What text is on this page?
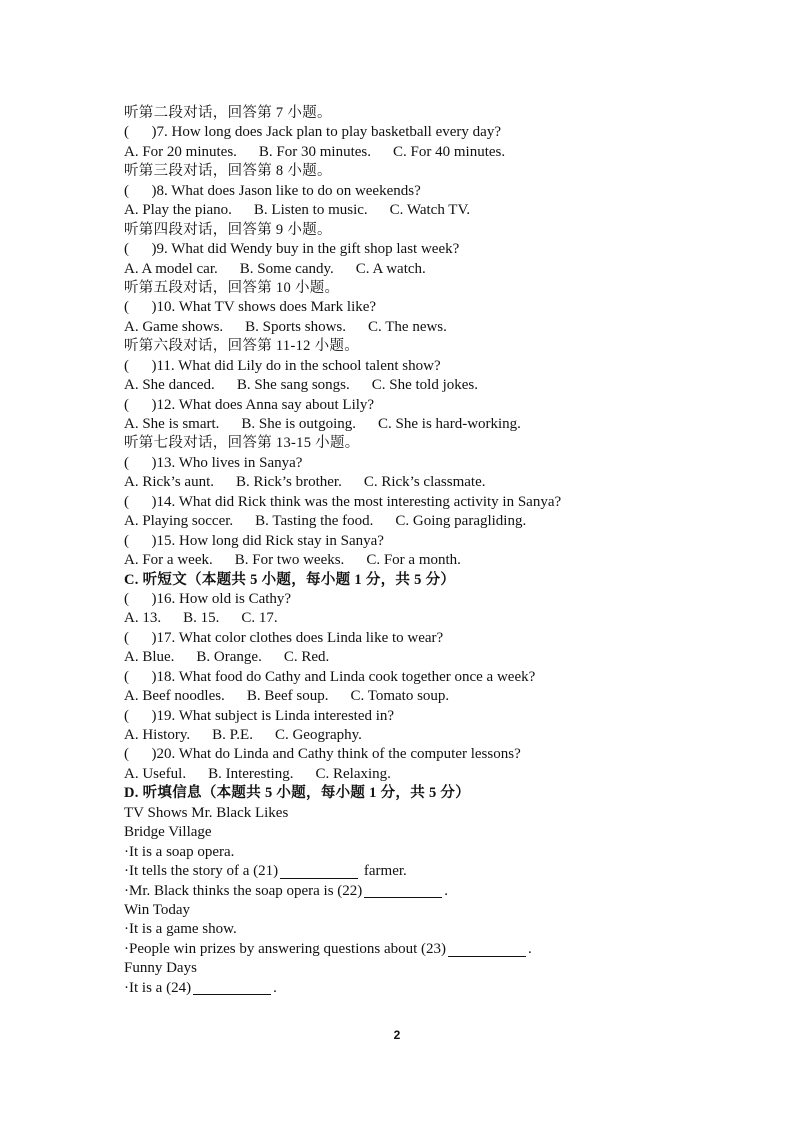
听第二段对话，回答第 7 小题。
(      )7. How long does Jack plan to play basketball every day?
A. For 20 minutes. B. For 30 minutes. C. For 40 minutes.
听第三段对话，回答第 8 小题。
(      )8. What does Jason like to do on weekends?
A. Play the piano. B. Listen to music. C. Watch TV.
听第四段对话，回答第 9 小题。
(      )9. What did Wendy buy in the gift shop last week?
A. A model car. B. Some candy. C. A watch.
听第五段对话，回答第 10 小题。
(      )10. What TV shows does Mark like?
A. Game shows. B. Sports shows. C. The news.
听第六段对话，回答第 11-12 小题。
(      )11. What did Lily do in the school talent show?
A. She danced. B. She sang songs. C. She told jokes.
(      )12. What does Anna say about Lily?
A. She is smart. B. She is outgoing. C. She is hard-working.
听第七段对话，回答第 13-15 小题。
(      )13. Who lives in Sanya?
A. Rick’s aunt. B. Rick’s brother. C. Rick’s classmate.
(      )14. What did Rick think was the most interesting activity in Sanya?
A. Playing soccer. B. Tasting the food. C. Going paragliding.
(      )15. How long did Rick stay in Sanya?
A. For a week. B. For two weeks. C. For a month.
C. 听短文（本题共 5 小题，每小题 1 分，共 5 分）
(      )16. How old is Cathy?
A. 13. B. 15. C. 17.
(      )17. What color clothes does Linda like to wear?
A. Blue. B. Orange. C. Red.
(      )18. What food do Cathy and Linda cook together once a week?
A. Beef noodles. B. Beef soup. C. Tomato soup.
(      )19. What subject is Linda interested in?
A. History. B. P.E. C. Geography.
(      )20. What do Linda and Cathy think of the computer lessons?
A. Useful. B. Interesting. C. Relaxing.
D. 听填信息（本题共 5 小题，每小题 1 分，共 5 分）
TV Shows Mr. Black Likes
Bridge Village
·It is a soap opera.
·It tells the story of a (21)	farmer.
·Mr. Black thinks the soap opera is (22)	.
Win Today
·It is a game show.
·People win prizes by answering questions about (23)	.
Funny Days
·It is a (24)	.
2
